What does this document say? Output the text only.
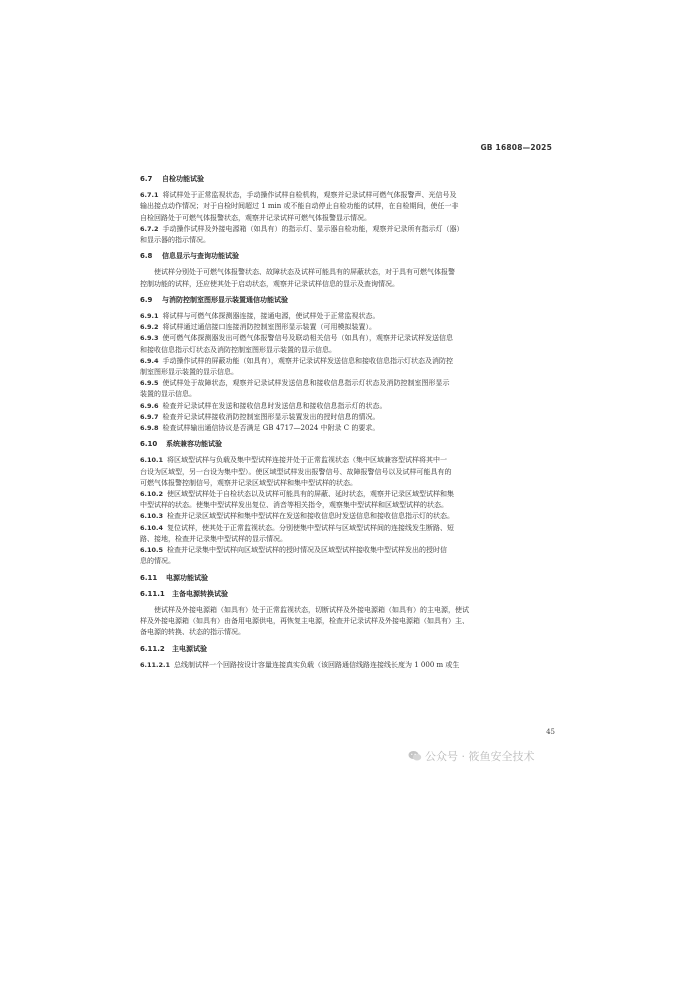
GB 16808—2025
6.7 自检功能试验
6.7.1 将试样处于正常监视状态，手动操作试样自检机构，观察并记录试样可燃气体报警声、光信号及
输出接点动作情况；对于自检时间超过 1 min 或不能自动停止自检功能的试样，在自检期间，使任一非
自检回路处于可燃气体报警状态，观察并记录试样可燃气体报警显示情况。
6.7.2 手动操作试样及外接电源箱（如具有）的指示灯、显示器自检功能，观察并记录所有指示灯（器）
和显示器的指示情况。
6.8 信息显示与查询功能试验
使试样分别处于可燃气体报警状态、故障状态及试样可能具有的屏蔽状态，对于具有可燃气体报警
控制功能的试样，还应使其处于启动状态，观察并记录试样信息的显示及查询情况。
6.9 与消防控制室图形显示装置通信功能试验
6.9.1 将试样与可燃气体探测器连接，接通电源，使试样处于正常监视状态。
6.9.2 将试样通过通信接口连接消防控制室图形显示装置（可用模拟装置）。
6.9.3 使可燃气体探测器发出可燃气体报警信号及联动相关信号（如具有），观察并记录试样发送信息
和接收信息指示灯状态及消防控制室图形显示装置的显示信息。
6.9.4 手动操作试样的屏蔽功能（如具有），观察并记录试样发送信息和接收信息指示灯状态及消防控
制室图形显示装置的显示信息。
6.9.5 使试样处于故障状态，观察并记录试样发送信息和接收信息指示灯状态及消防控制室图形显示
装置的显示信息。
6.9.6 检查并记录试样在发送和接收信息时发送信息和接收信息指示灯的状态。
6.9.7 检查并记录试样接收消防控制室图形显示装置发出的授时信息的情况。
6.9.8 检查试样输出通信协议是否满足 GB 4717—2024 中附录 C 的要求。
6.10 系统兼容功能试验
6.10.1 将区域型试样与负载及集中型试样连接并处于正常监视状态（集中区域兼容型试样将其中一
台设为区域型，另一台设为集中型）。使区域型试样发出报警信号、故障报警信号以及试样可能具有的
可燃气体报警控制信号，观察并记录区域型试样和集中型试样的状态。
6.10.2 使区域型试样处于自检状态以及试样可能具有的屏蔽、延时状态，观察并记录区域型试样和集
中型试样的状态。使集中型试样发出复位、消音等相关指令，观察集中型试样和区域型试样的状态。
6.10.3 检查并记录区域型试样和集中型试样在发送和接收信息时发送信息和接收信息指示灯的状态。
6.10.4 复位试样，使其处于正常监视状态。分别使集中型试样与区域型试样间的连接线发生断路、短
路、接地，检查并记录集中型试样的显示情况。
6.10.5 检查并记录集中型试样向区域型试样的授时情况及区域型试样接收集中型试样发出的授时信
息的情况。
6.11 电源功能试验
6.11.1 主备电源转换试验
使试样及外接电源箱（如具有）处于正常监视状态，切断试样及外接电源箱（如具有）的主电源，使试
样及外接电源箱（如具有）由备用电源供电，再恢复主电源，检查并记录试样及外接电源箱（如具有）主、
备电源的转换、状态的指示情况。
6.11.2 主电源试验
6.11.2.1 总线制试样一个回路按设计容量连接真实负载（该回路通信线路连接线长度为 1 000 m 或生
45
公众号 · 筱鱼安全技术
